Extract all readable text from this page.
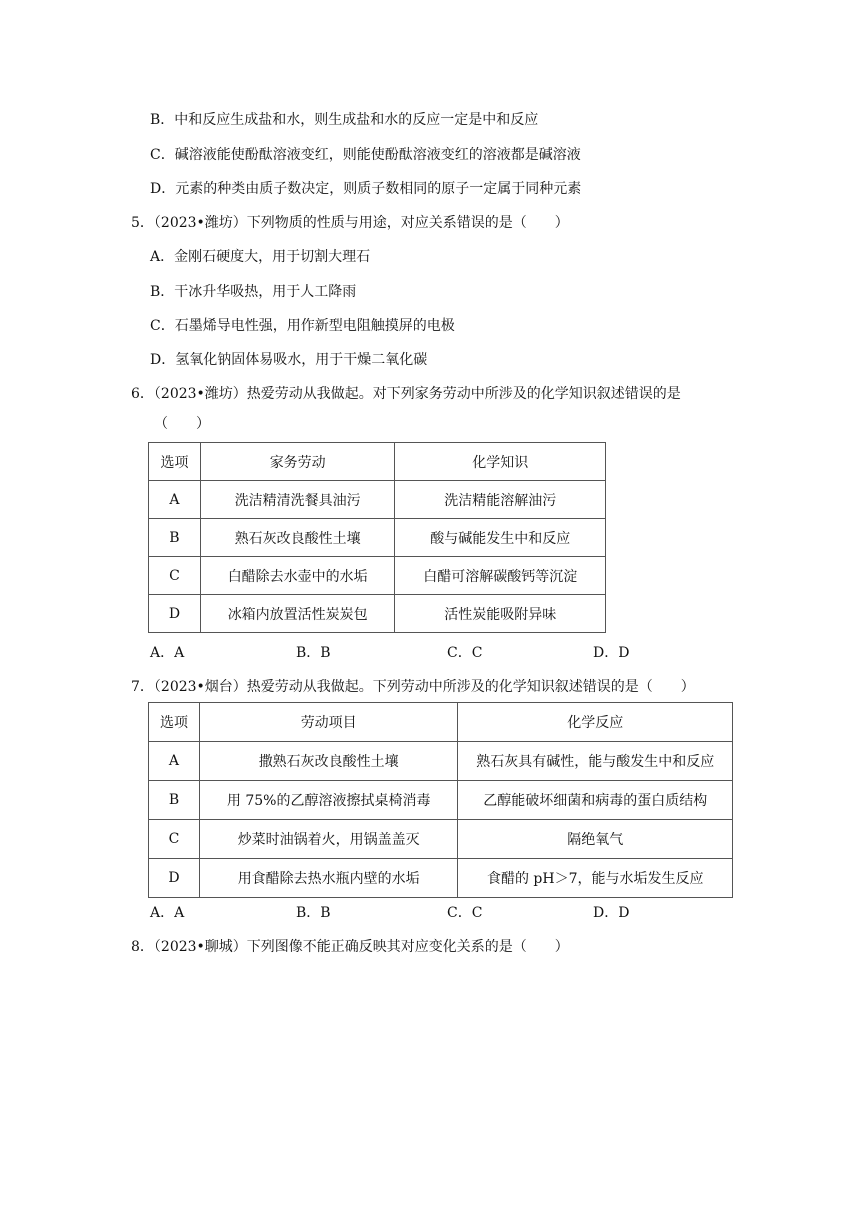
B．中和反应生成盐和水，则生成盐和水的反应一定是中和反应
C．碱溶液能使酚酞溶液变红，则能使酚酞溶液变红的溶液都是碱溶液
D．元素的种类由质子数决定，则质子数相同的原子一定属于同种元素
5．（2023•潍坊）下列物质的性质与用途，对应关系错误的是（　　）
A．金刚石硬度大，用于切割大理石
B．干冰升华吸热，用于人工降雨
C．石墨烯导电性强，用作新型电阻触摸屏的电极
D．氢氧化钠固体易吸水，用于干燥二氧化碳
6．（2023•潍坊）热爱劳动从我做起。对下列家务劳动中所涉及的化学知识叙述错误的是
（　　）
选项	家务劳动	化学知识
A	洗洁精清洗餐具油污	洗洁精能溶解油污
B	熟石灰改良酸性土壤	酸与碱能发生中和反应
C	白醋除去水壶中的水垢	白醋可溶解碳酸钙等沉淀
D	冰箱内放置活性炭炭包	活性炭能吸附异味
A．A	B．B	C．C	D．D
7．（2023•烟台）热爱劳动从我做起。下列劳动中所涉及的化学知识叙述错误的是（　　）
选项	劳动项目	化学反应
A	撒熟石灰改良酸性土壤	熟石灰具有碱性，能与酸发生中和反应
B	用 75%的乙醇溶液擦拭桌椅消毒	乙醇能破坏细菌和病毒的蛋白质结构
C	炒菜时油锅着火，用锅盖盖灭	隔绝氧气
D	用食醋除去热水瓶内壁的水垢	食醋的 pH＞7，能与水垢发生反应
A．A	B．B	C．C	D．D
8．（2023•聊城）下列图像不能正确反映其对应变化关系的是（　　）
